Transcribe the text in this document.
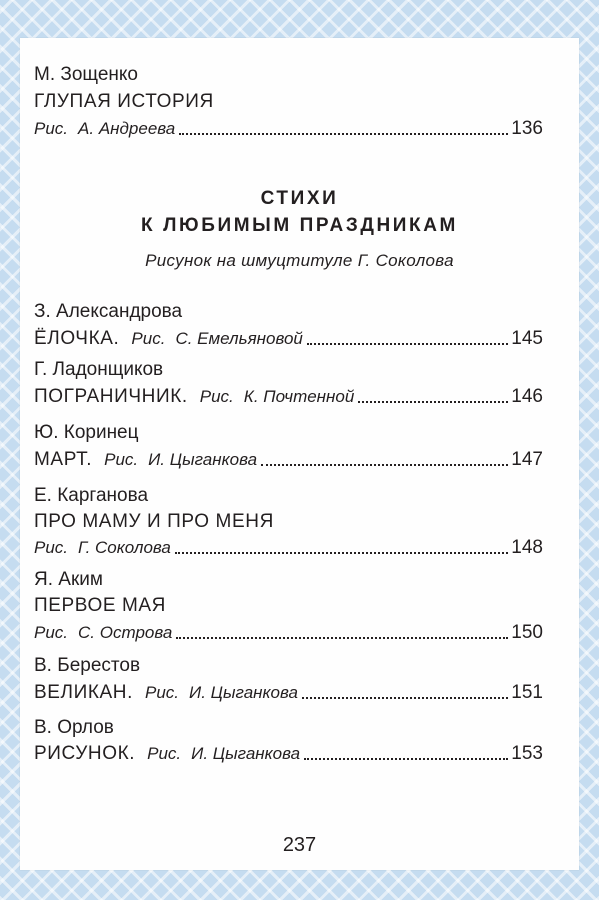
М. Зощенко
ГЛУПАЯ ИСТОРИЯ
Рис. А. Андреева	136
СТИХИ
К ЛЮБИМЫМ ПРАЗДНИКАМ
Рисунок на шмуцтитуле Г. Соколова
З. Александрова
ЁЛОЧКА. Рис. С. Емельяновой	145
Г. Ладонщиков
ПОГРАНИЧНИК. Рис. К. Почтенной	146
Ю. Коринец
МАРТ. Рис. И. Цыганкова	147
Е. Карганова
ПРО МАМУ И ПРО МЕНЯ
Рис. Г. Соколова	148
Я. Аким
ПЕРВОЕ МАЯ
Рис. С. Острова	150
В. Берестов
ВЕЛИКАН. Рис. И. Цыганкова	151
В. Орлов
РИСУНОК. Рис. И. Цыганкова	153
237
